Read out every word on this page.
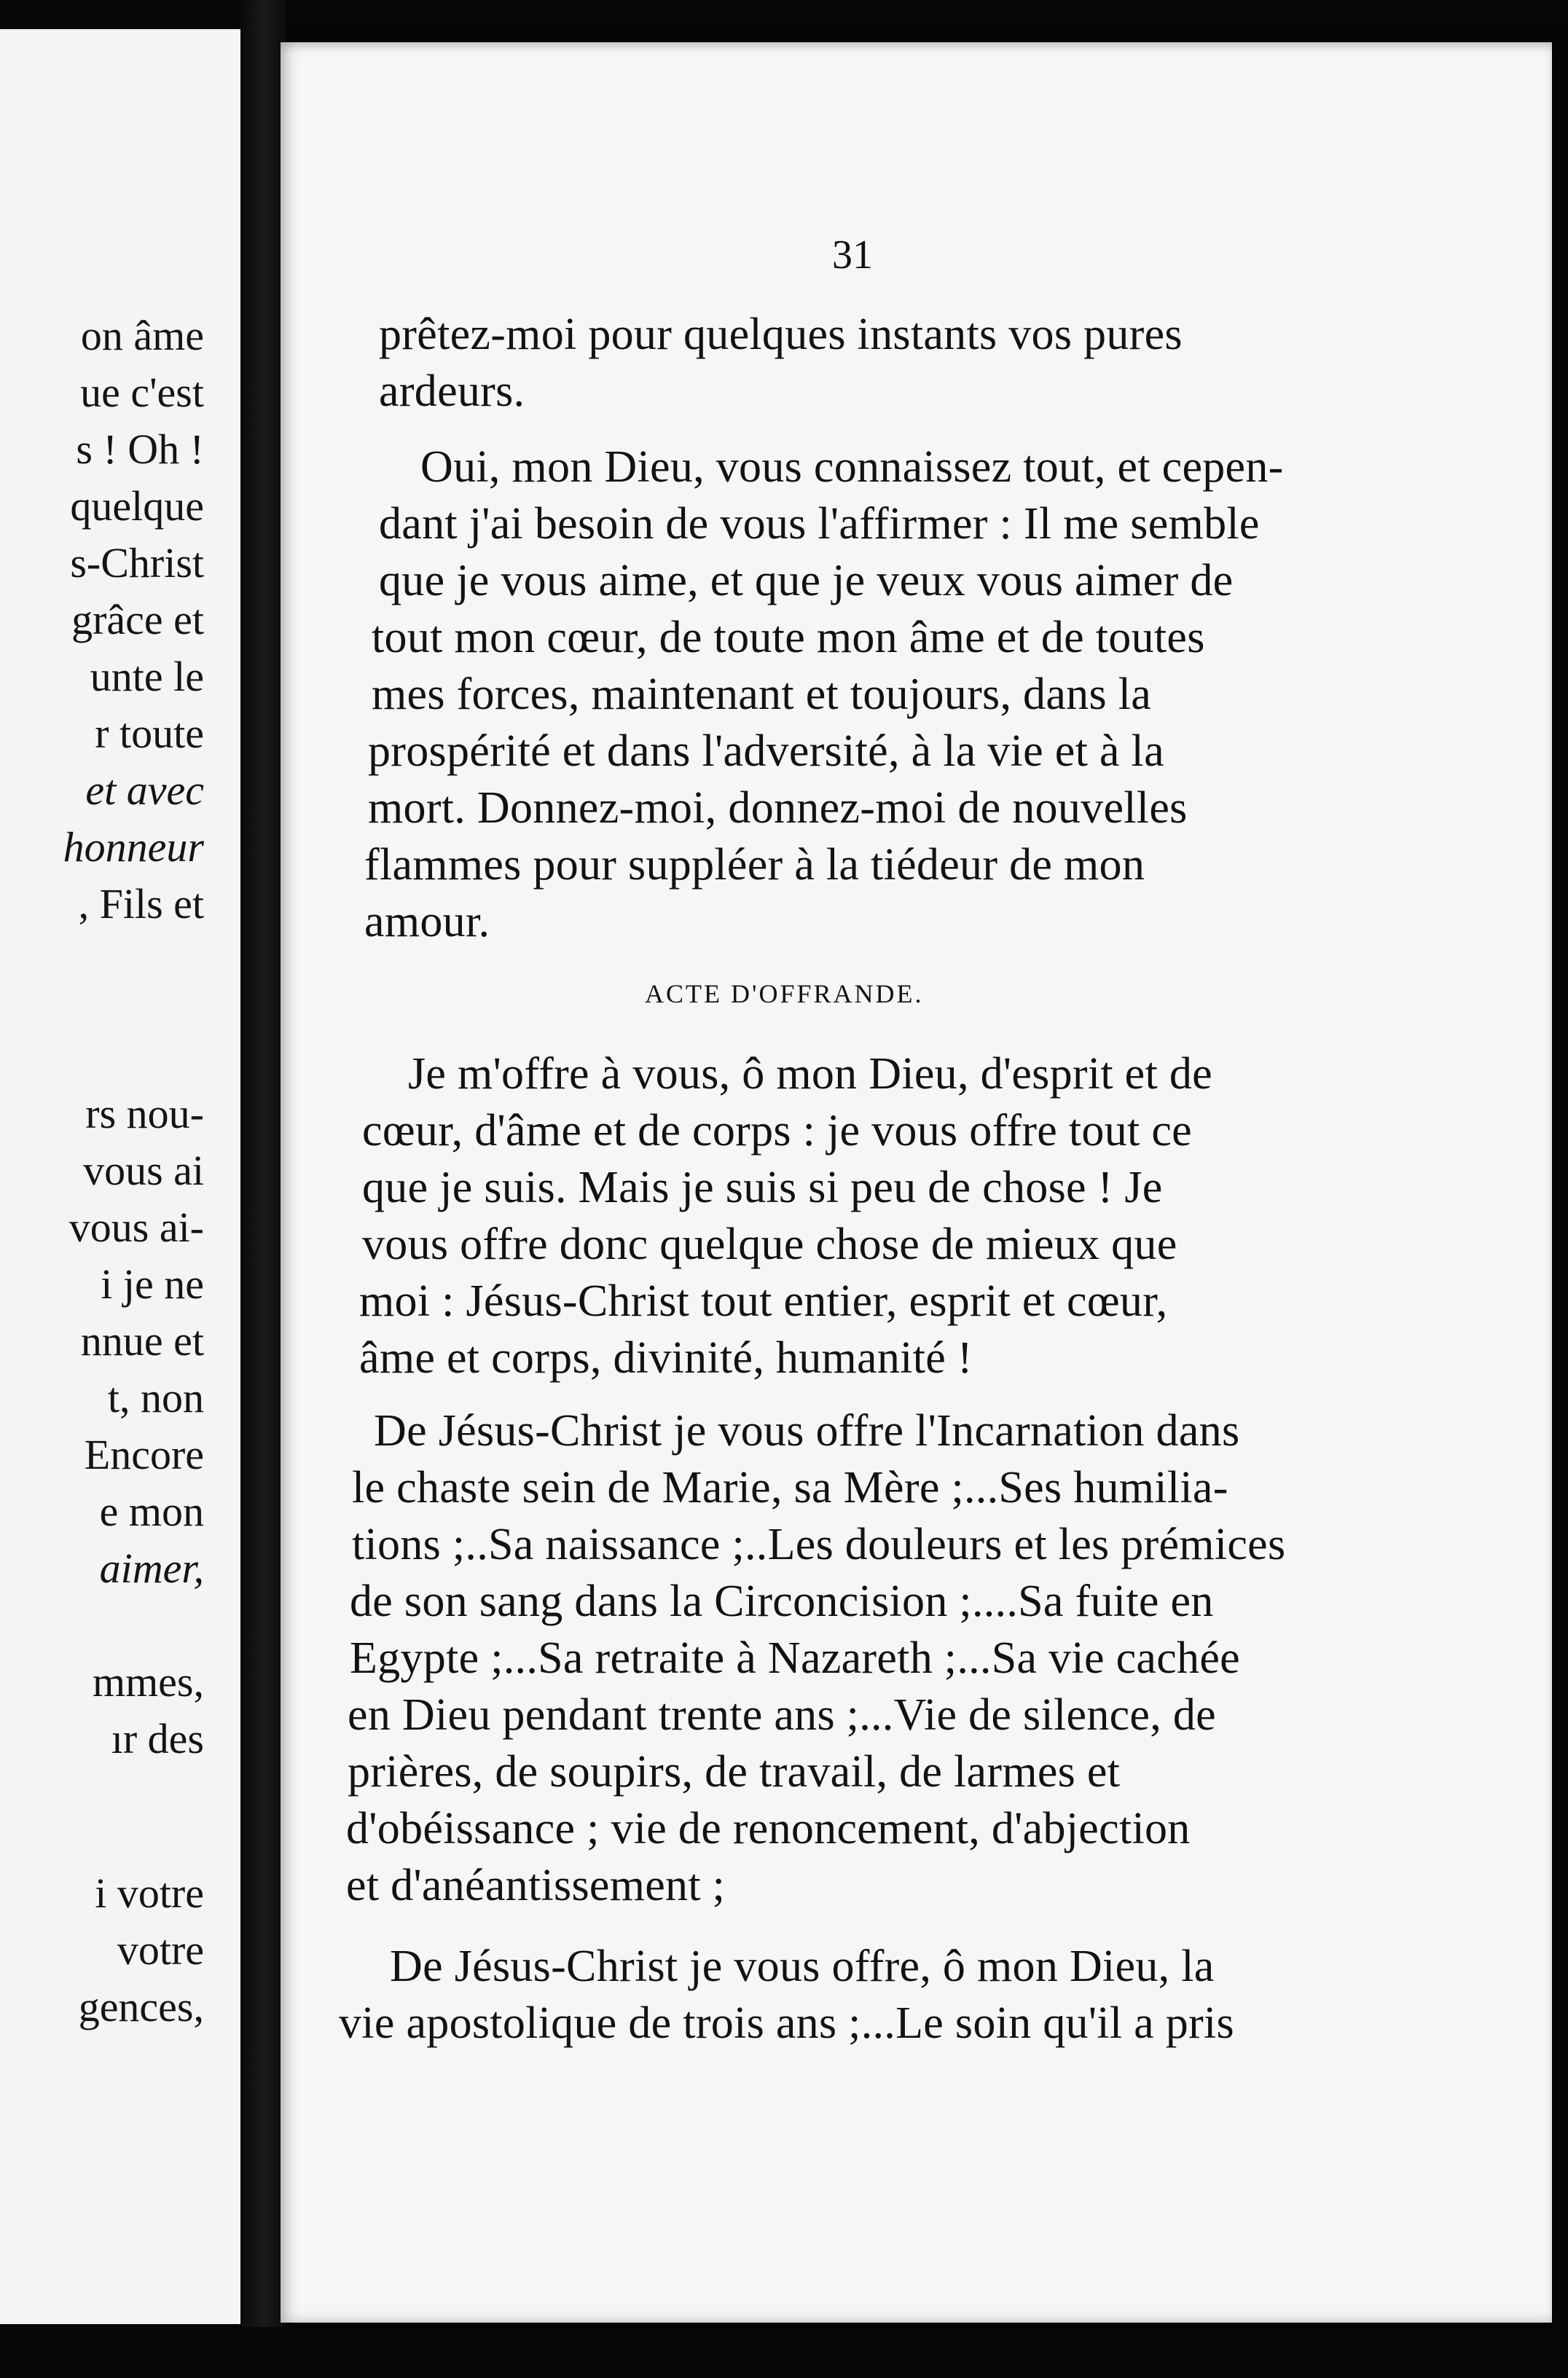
on âme
ue c'est
s ! Oh !
quelque
s-Christ
grâce et
unte le
r toute
et avec
honneur
, Fils et
rs nou-
vous ai
vous ai-
i je ne
nnue et
t, non
Encore
e mon
aimer,
mmes,
ır des
i votre
votre
gences,
31
prêtez-moi pour quelques instants vos pures
ardeurs.
Oui, mon Dieu, vous connaissez tout, et cepen-
dant j'ai besoin de vous l'affirmer : Il me semble
que je vous aime, et que je veux vous aimer de
tout mon cœur, de toute mon âme et de toutes
mes forces, maintenant et toujours, dans la
prospérité et dans l'adversité, à la vie et à la
mort. Donnez-moi, donnez-moi de nouvelles
flammes pour suppléer à la tiédeur de mon
amour.
ACTE D'OFFRANDE.
Je m'offre à vous, ô mon Dieu, d'esprit et de
cœur, d'âme et de corps : je vous offre tout ce
que je suis. Mais je suis si peu de chose ! Je
vous offre donc quelque chose de mieux que
moi : Jésus-Christ tout entier, esprit et cœur,
âme et corps, divinité, humanité !
De Jésus-Christ je vous offre l'Incarnation dans
le chaste sein de Marie, sa Mère ;...Ses humilia-
tions ;..Sa naissance ;..Les douleurs et les prémices
de son sang dans la Circoncision ;....Sa fuite en
Egypte ;...Sa retraite à Nazareth ;...Sa vie cachée
en Dieu pendant trente ans ;...Vie de silence, de
prières, de soupirs, de travail, de larmes et
d'obéissance ; vie de renoncement, d'abjection
et d'anéantissement ;
De Jésus-Christ je vous offre, ô mon Dieu, la
vie apostolique de trois ans ;...Le soin qu'il a pris
